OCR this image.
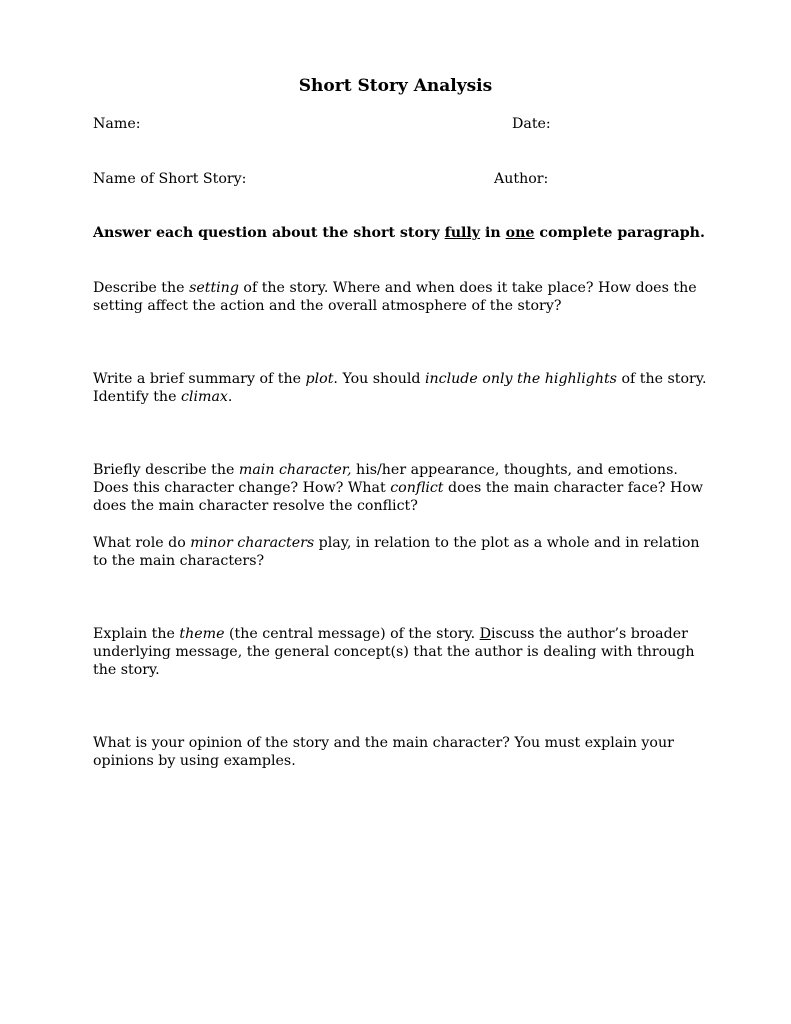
Short Story Analysis
Name:	Date:
Name of Short Story:	Author:
Answer each question about the short story fully in one complete paragraph.
Describe the setting of the story. Where and when does it take place? How does the setting affect the action and the overall atmosphere of the story?
Write a brief summary of the plot. You should include only the highlights of the story. Identify the climax.
Briefly describe the main character, his/her appearance, thoughts, and emotions. Does this character change? How? What conflict does the main character face? How does the main character resolve the conflict?
What role do minor characters play, in relation to the plot as a whole and in relation to the main characters?
Explain the theme (the central message) of the story. Discuss the author’s broader underlying message, the general concept(s) that the author is dealing with through the story.
What is your opinion of the story and the main character? You must explain your opinions by using examples.
